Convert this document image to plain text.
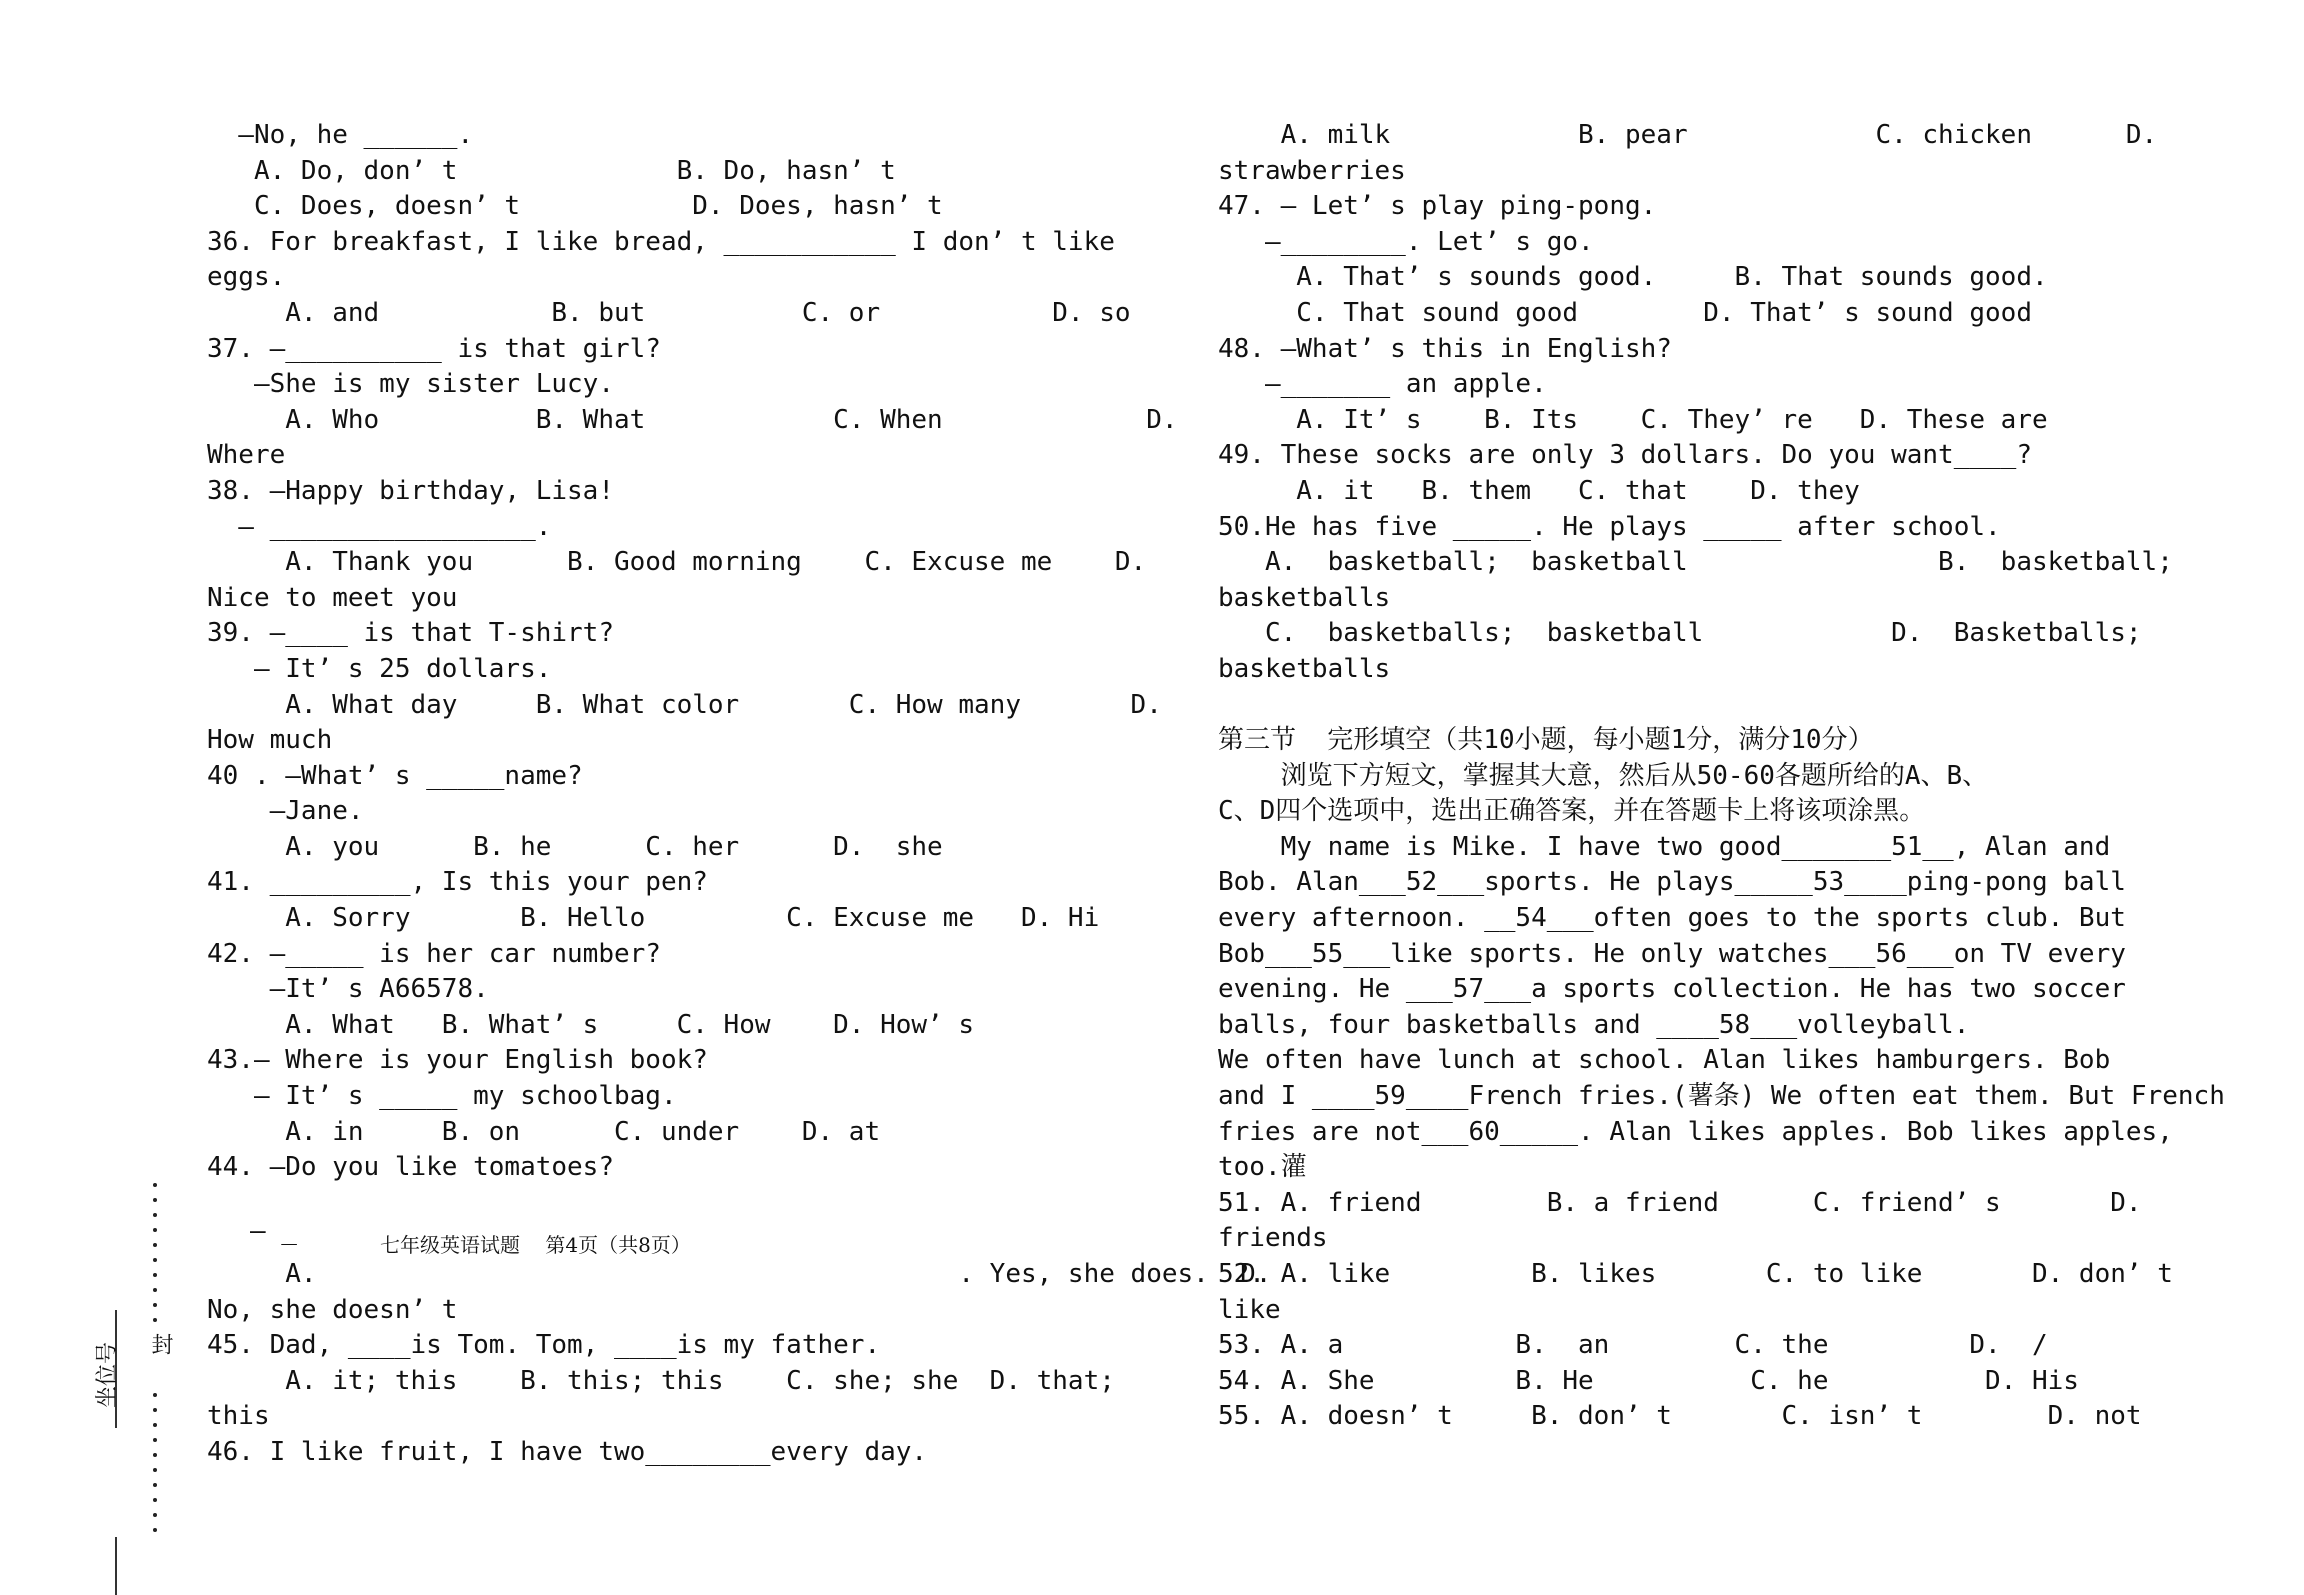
—No, he ______.
A. Do, don’ t              B. Do, hasn’ t
C. Does, doesn’ t           D. Does, hasn’ t
36. For breakfast, I like bread, ___________ I don’ t like
eggs.
A. and           B. but          C. or           D. so
37. —__________ is that girl?
—She is my sister Lucy.
A. Who          B. What            C. When             D.
Where
38. —Happy birthday, Lisa!
— _________________.
A. Thank you      B. Good morning    C. Excuse me    D.
Nice to meet you
39. —____ is that T-shirt?
— It’ s 25 dollars.
A. What day     B. What color       C. How many       D.
How much
40 . —What’ s _____name?
—Jane.
A. you      B. he      C. her      D.  she
41. _________, Is this your pen?
A. Sorry       B. Hello         C. Excuse me   D. Hi
42. —_____ is her car number?
—It’ s A66578.
A. What   B. What’ s     C. How    D. How’ s
43.— Where is your English book?
— It’ s _____ my schoolbag.
A. in     B. on      C. under    D. at
44. —Do you like tomatoes?

A.                                         . Yes, she does.  D.
No, she doesn’ t
45. Dad, ____is Tom. Tom, ____is my father.
A. it; this    B. this; this    C. she; she  D. that;
this
46. I like fruit, I have two________every day.
A. milk            B. pear            C. chicken      D.
strawberries
47. — Let’ s play ping-pong.
—________. Let’ s go.
A. That’ s sounds good.     B. That sounds good.
C. That sound good        D. That’ s sound good
48. —What’ s this in English?
—_______ an apple.
A. It’ s    B. Its    C. They’ re   D. These are
49. These socks are only 3 dollars. Do you want____?
A. it   B. them   C. that    D. they
50.He has five _____. He plays _____ after school.
A.  basketball;  basketball                B.  basketball;
basketballs
C.  basketballs;  basketball            D.  Basketballs;
basketballs

第三节  完形填空（共10小题，每小题1分，满分10分）
浏览下方短文，掌握其大意，然后从50-60各题所给的A、B、
C、D四个选项中，选出正确答案，并在答题卡上将该项涂黑。
My name is Mike. I have two good_______51__, Alan and
Bob. Alan___52___sports. He plays_____53____ping-pong ball
every afternoon. __54___often goes to the sports club. But
Bob___55___like sports. He only watches___56___on TV every
evening. He ___57___a sports collection. He has two soccer
balls, four basketballs and ____58___volleyball.
We often have lunch at school. Alan likes hamburgers. Bob
and I ____59____French fries.(薯条) We often eat them. But French
fries are not___60_____. Alan likes apples. Bob likes apples,
too.灌
51. A. friend        B. a friend      C. friend’ s       D.
friends
52. A. like         B. likes       C. to like       D. don’ t
like
53. A. a           B.  an        C. the         D.  /
54. A. She         B. He          C. he          D. His
55. A. doesn’ t     B. don’ t       C. isn’ t        D. not
— _	七年级英语试题    第4页（共8页）
封
坐位号
